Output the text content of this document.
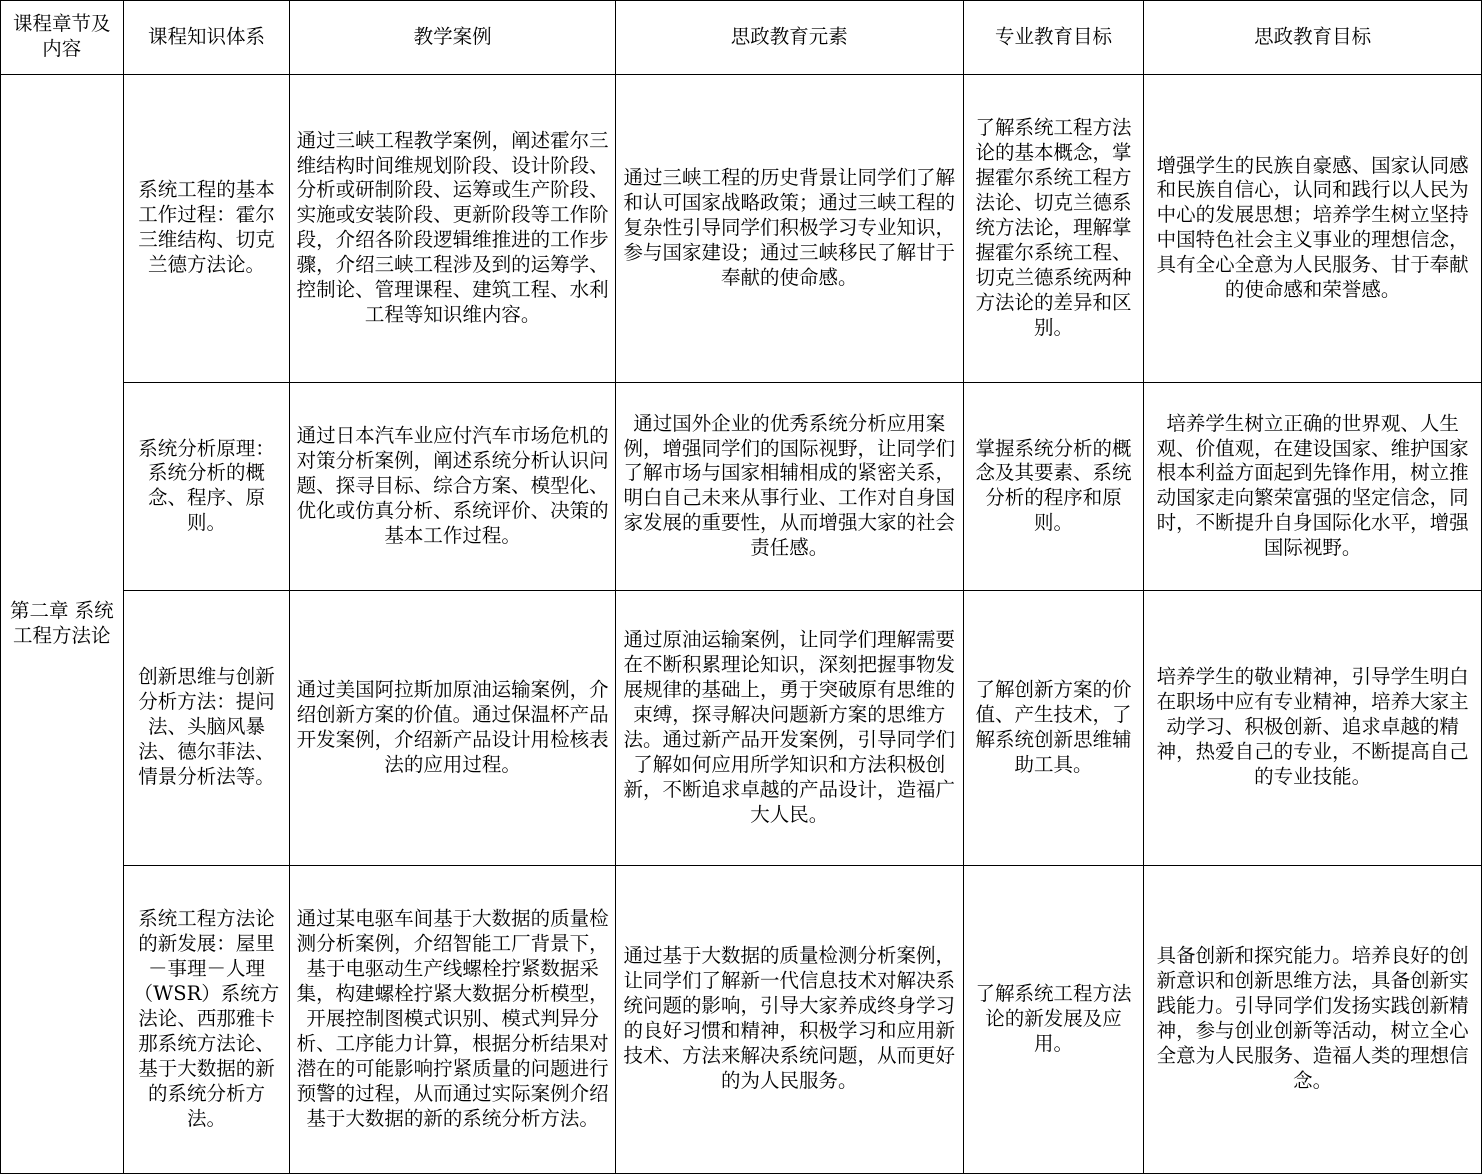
课程章节及内容	课程知识体系	教学案例	思政教育元素	专业教育目标	思政教育目标
第二章 系统工程方法论	系统工程的基本工作过程：霍尔三维结构、切克兰德方法论。	通过三峡工程教学案例，阐述霍尔三维结构时间维规划阶段、设计阶段、分析或研制阶段、运筹或生产阶段、实施或安装阶段、更新阶段等工作阶段，介绍各阶段逻辑维推进的工作步骤，介绍三峡工程涉及到的运筹学、控制论、管理课程、建筑工程、水利工程等知识维内容。	通过三峡工程的历史背景让同学们了解和认可国家战略政策；通过三峡工程的复杂性引导同学们积极学习专业知识，参与国家建设；通过三峡移民了解甘于奉献的使命感。	了解系统工程方法论的基本概念，掌握霍尔系统工程方法论、切克兰德系统方法论，理解掌握霍尔系统工程、切克兰德系统两种方法论的差异和区别。	增强学生的民族自豪感、国家认同感和民族自信心，认同和践行以人民为中心的发展思想；培养学生树立坚持中国特色社会主义事业的理想信念，具有全心全意为人民服务、甘于奉献的使命感和荣誉感。
	系统分析原理：系统分析的概念、程序、原则。	通过日本汽车业应付汽车市场危机的对策分析案例，阐述系统分析认识问题、探寻目标、综合方案、模型化、优化或仿真分析、系统评价、决策的基本工作过程。	通过国外企业的优秀系统分析应用案例，增强同学们的国际视野，让同学们了解市场与国家相辅相成的紧密关系，明白自己未来从事行业、工作对自身国家发展的重要性，从而增强大家的社会责任感。	掌握系统分析的概念及其要素、系统分析的程序和原则。	培养学生树立正确的世界观、人生观、价值观，在建设国家、维护国家根本利益方面起到先锋作用，树立推动国家走向繁荣富强的坚定信念，同时，不断提升自身国际化水平，增强国际视野。
	创新思维与创新分析方法：提问法、头脑风暴法、德尔菲法、情景分析法等。	通过美国阿拉斯加原油运输案例，介绍创新方案的价值。通过保温杯产品开发案例，介绍新产品设计用检核表法的应用过程。	通过原油运输案例，让同学们理解需要在不断积累理论知识，深刻把握事物发展规律的基础上，勇于突破原有思维的束缚，探寻解决问题新方案的思维方法。通过新产品开发案例，引导同学们了解如何应用所学知识和方法积极创新，不断追求卓越的产品设计，造福广大人民。	了解创新方案的价值、产生技术，了解系统创新思维辅助工具。	培养学生的敬业精神，引导学生明白在职场中应有专业精神，培养大家主动学习、积极创新、追求卓越的精神，热爱自己的专业，不断提高自己的专业技能。
	系统工程方法论的新发展：屋里－事理－人理（WSR）系统方法论、西那雅卡那系统方法论、基于大数据的新的系统分析方法。	通过某电驱车间基于大数据的质量检测分析案例，介绍智能工厂背景下，基于电驱动生产线螺栓拧紧数据采集，构建螺栓拧紧大数据分析模型，开展控制图模式识别、模式判异分析、工序能力计算，根据分析结果对潜在的可能影响拧紧质量的问题进行预警的过程，从而通过实际案例介绍基于大数据的新的系统分析方法。	通过基于大数据的质量检测分析案例，让同学们了解新一代信息技术对解决系统问题的影响，引导大家养成终身学习的良好习惯和精神，积极学习和应用新技术、方法来解决系统问题，从而更好的为人民服务。	了解系统工程方法论的新发展及应用。	具备创新和探究能力。培养良好的创新意识和创新思维方法，具备创新实践能力。引导同学们发扬实践创新精神，参与创业创新等活动，树立全心全意为人民服务、造福人类的理想信念。
